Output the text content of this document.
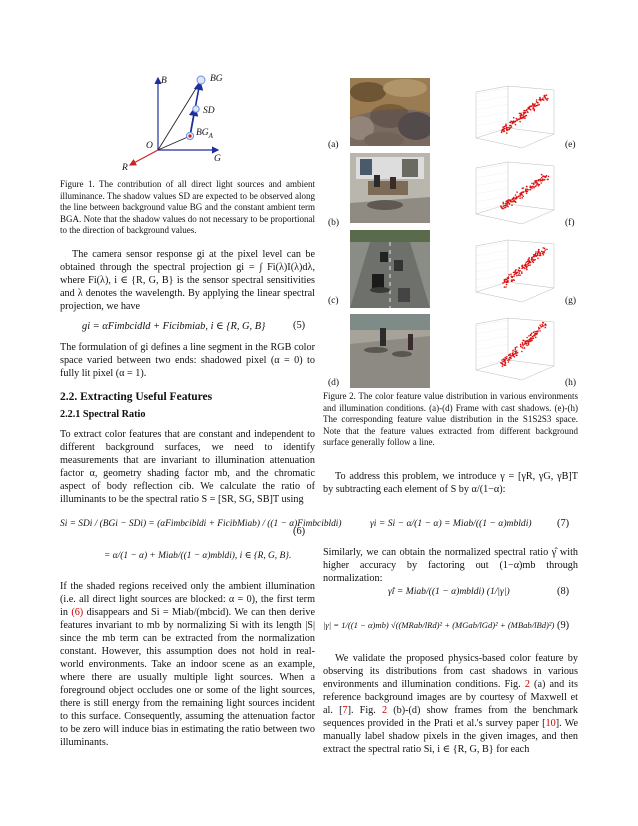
B	BG
SD
$BG_A$
O
R
G
Figure 1. The contribution of all direct light sources and ambient illuminance. The shadow values SD are expected to be observed along the line between background value BG and the constant ambient term BGA. Note that the shadow values do not necessary to be proportional to the direction of background values.
The camera sensor response gi at the pixel level can be obtained through the spectral projection gi = ∫ Fi(λ)I(λ)dλ, where Fi(λ), i ∈ {R, G, B} is the sensor spectral sensitivities and λ denotes the wavelength. By applying the linear spectral projection, we have
gi = αFimbcidld + Ficibmiab, i ∈ {R, G, B}	(5)
The formulation of gi defines a line segment in the RGB color space varied between two ends: shadowed pixel (α = 0) to fully lit pixel (α = 1).
2.2. Extracting Useful Features
2.2.1 Spectral Ratio
To extract color features that are constant and independent to different background surfaces, we need to identify measurements that are invariant to illumination attenuation factor α, geometry shading factor mb, and the chromatic aspect of body reflection cib. We calculate the ratio of illuminants to be the spectral ratio S = [SR, SG, SB]T using
Si = SDi / (BGi − SDi) = (αFimbcibldi + FicibMiab) / ((1 − α)Fimbcibldi)
(6)
= α/(1 − α) + Miab/((1 − α)mbldi), i ∈ {R, G, B}.
If the shaded regions received only the ambient illumination (i.e. all direct light sources are blocked: α = 0), the first term in (6) disappears and Si = Miab/(mbcid). We can then derive features invariant to mb by normalizing Si with its length |S| since the mb term can be extracted from the normalization constant. However, this assumption does not hold in real-world environments. Take an indoor scene as an example, where there are usually multiple light sources. When a foreground object occludes one or some of the light sources, there is still energy from the remaining light sources incident to this surface. Consequently, assuming the attenuation factor to be zero will induce bias in estimating the ratio between two illuminants.
(a)
(b)
(c)
(d)
(e)
(f)
(g)
(h)
Figure 2. The color feature value distribution in various environments and illumination conditions. (a)-(d) Frame with cast shadows. (e)-(h) The corresponding feature value distribution in the S1S2S3 space. Note that the feature values extracted from different background surface generally follow a line.
To address this problem, we introduce γ = [γR, γG, γB]T by subtracting each element of S by α/(1−α):
γi = Si − α/(1 − α) = Miab/((1 − α)mbldi) (7)
Similarly, we can obtain the normalized spectral ratio γ̂ with higher accuracy by factoring out (1−α)mb through normalization:
γ̂i = Miab/((1 − α)mbldi) (1/|γ|)	(8)
|γ| = 1/((1 − α)mb) √((MRab/lRd)² + (MGab/lGd)² + (MBab/lBd)²) (9)
We validate the proposed physics-based color feature by observing its distributions from cast shadows in various environments and illumination conditions. Fig. 2 (a) and its reference background images are by courtesy of Maxwell et al. [7]. Fig. 2 (b)-(d) show frames from the benchmark sequences provided in the Prati et al.'s survey paper [10]. We manually label shadow pixels in the given images, and then extract the spectral ratio Si, i ∈ {R, G, B} for each
